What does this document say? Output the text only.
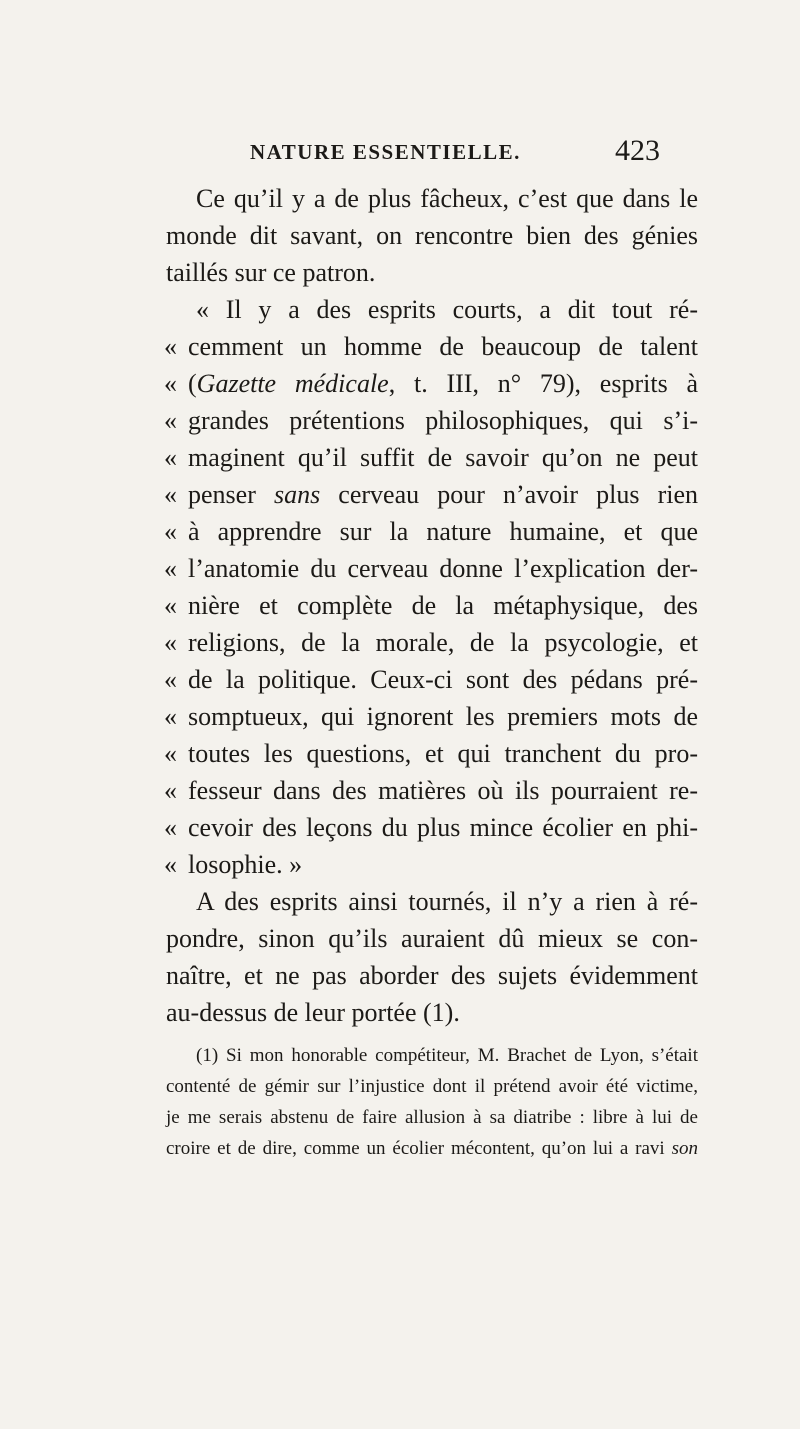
NATURE ESSENTIELLE.	423
Ce qu’il y a de plus fâcheux, c’est que dans le
monde dit savant, on rencontre bien des génies
taillés sur ce patron.
« Il y a des esprits courts, a dit tout ré-
« cemment un homme de beaucoup de talent
« (Gazette médicale, t. III, n° 79), esprits à
« grandes prétentions philosophiques, qui s’i-
« maginent qu’il suffit de savoir qu’on ne peut
« penser sans cerveau pour n’avoir plus rien
« à apprendre sur la nature humaine, et que
« l’anatomie du cerveau donne l’explication der-
« nière et complète de la métaphysique, des
« religions, de la morale, de la psycologie, et
« de la politique. Ceux-ci sont des pédans pré-
« somptueux, qui ignorent les premiers mots de
« toutes les questions, et qui tranchent du pro-
« fesseur dans des matières où ils pourraient re-
« cevoir des leçons du plus mince écolier en phi-
« losophie. »
A des esprits ainsi tournés, il n’y a rien à ré-
pondre, sinon qu’ils auraient dû mieux se con-
naître, et ne pas aborder des sujets évidemment
au-dessus de leur portée (1).
(1) Si mon honorable compétiteur, M. Brachet de Lyon, s’était
contenté de gémir sur l’injustice dont il prétend avoir été victime,
je me serais abstenu de faire allusion à sa diatribe : libre à lui de
croire et de dire, comme un écolier mécontent, qu’on lui a ravi son
